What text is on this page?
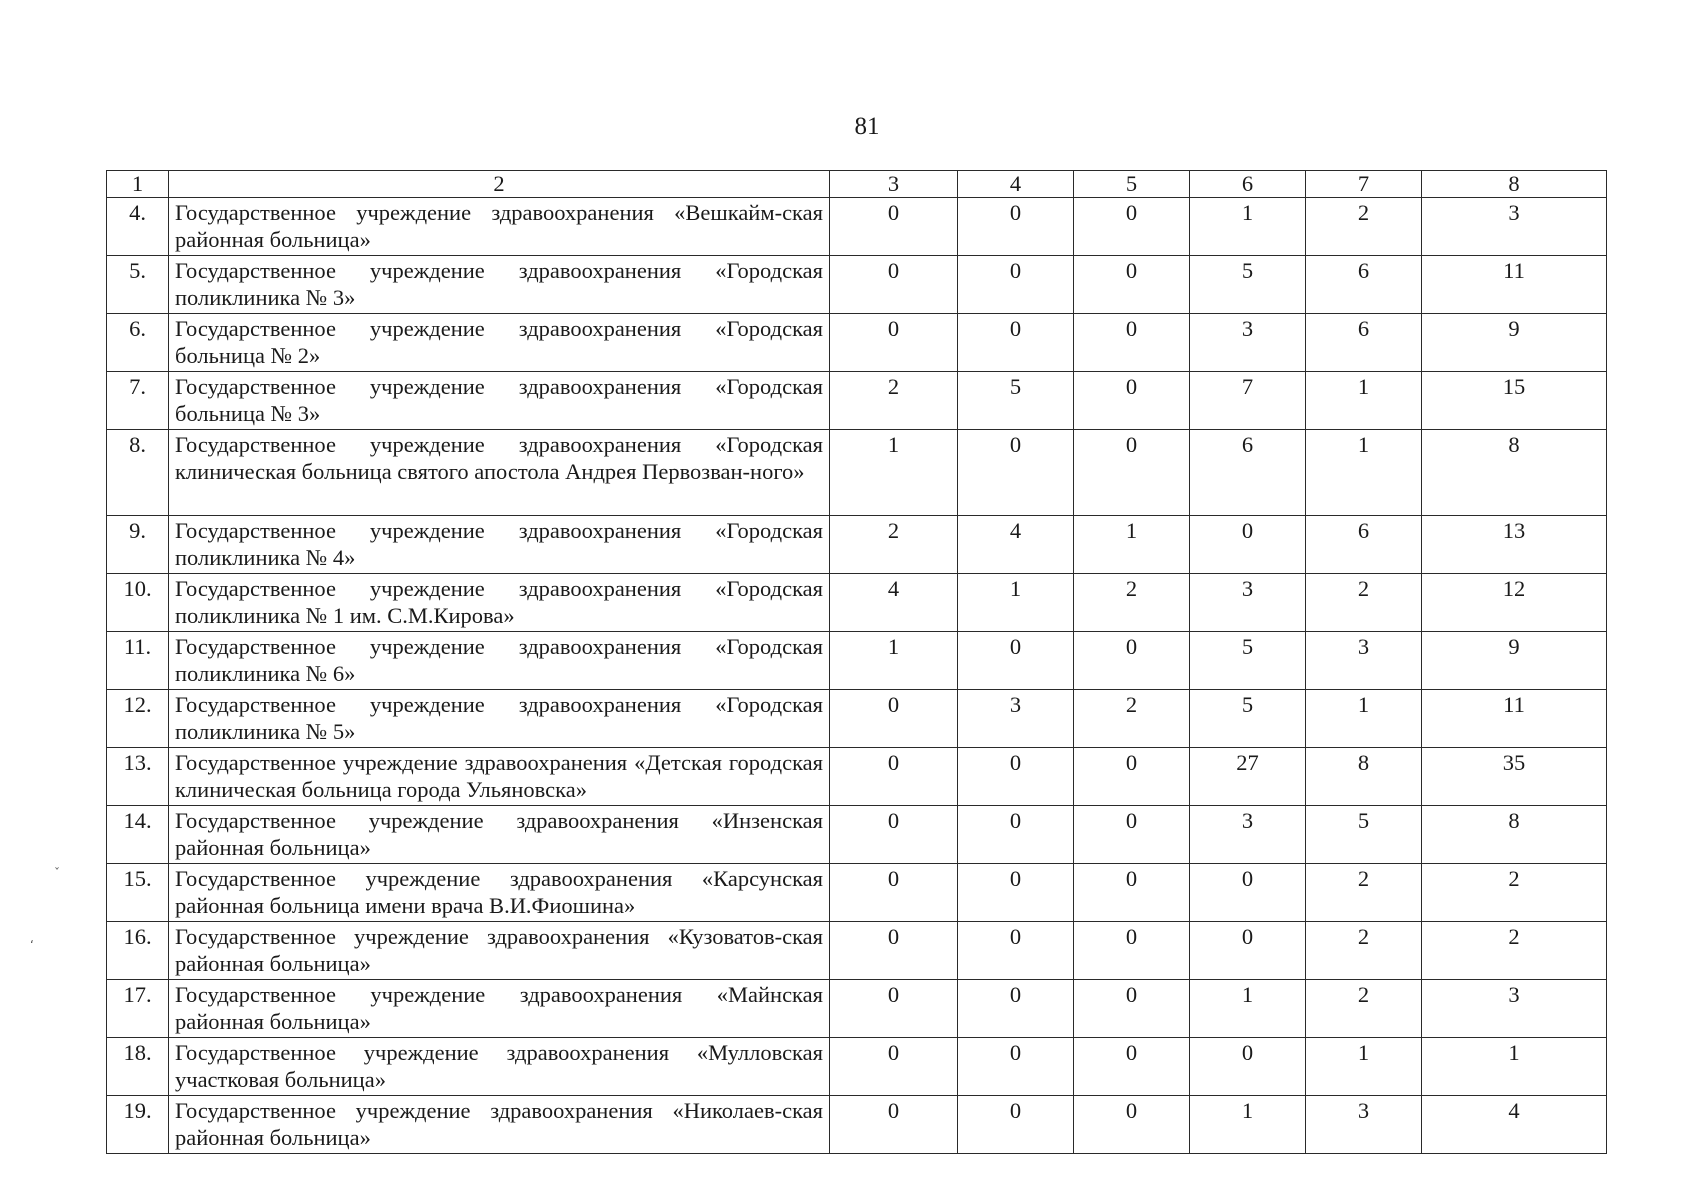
81
1	2	3	4	5	6	7	8
4.	Государственное учреждение здравоохранения «Вешкайм-ская районная больница»	0	0	0	1	2	3
5.	Государственное учреждение здравоохранения «Городская поликлиника № 3»	0	0	0	5	6	11
6.	Государственное учреждение здравоохранения «Городская больница № 2»	0	0	0	3	6	9
7.	Государственное учреждение здравоохранения «Городская больница № 3»	2	5	0	7	1	15
8.	Государственное учреждение здравоохранения «Городская клиническая больница святого апостола Андрея Первозван-ного»	1	0	0	6	1	8
9.	Государственное учреждение здравоохранения «Городская поликлиника № 4»	2	4	1	0	6	13
10.	Государственное учреждение здравоохранения «Городская поликлиника № 1 им. С.М.Кирова»	4	1	2	3	2	12
11.	Государственное учреждение здравоохранения «Городская поликлиника № 6»	1	0	0	5	3	9
12.	Государственное учреждение здравоохранения «Городская поликлиника № 5»	0	3	2	5	1	11
13.	Государственное учреждение здравоохранения «Детская городская клиническая больница города Ульяновска»	0	0	0	27	8	35
14.	Государственное учреждение здравоохранения «Инзенская районная больница»	0	0	0	3	5	8
15.	Государственное учреждение здравоохранения «Карсунская районная больница имени врача В.И.Фиошина»	0	0	0	0	2	2
16.	Государственное учреждение здравоохранения «Кузоватов-ская районная больница»	0	0	0	0	2	2
17.	Государственное учреждение здравоохранения «Майнская районная больница»	0	0	0	1	2	3
18.	Государственное учреждение здравоохранения «Мулловская участковая больница»	0	0	0	0	1	1
19.	Государственное учреждение здравоохранения «Николаев-ская районная больница»	0	0	0	1	3	4
ˇ
‘
